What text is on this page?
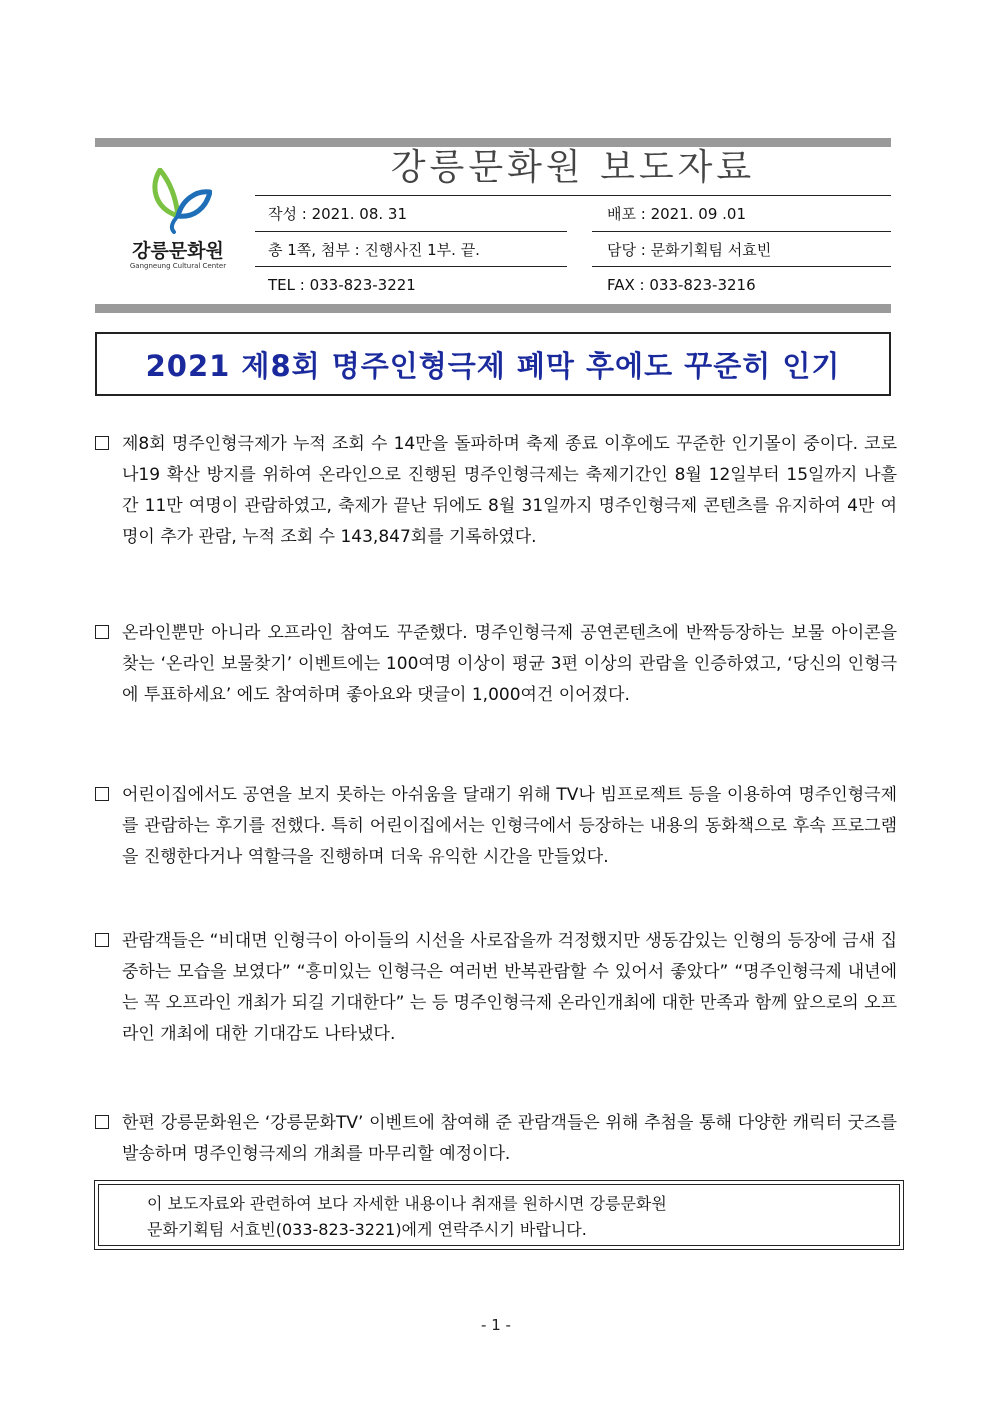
강릉문화원
Gangneung Cultural Center
강릉문화원 보도자료
작성 : 2021. 08. 31	배포 : 2021. 09 .01
총 1쪽, 첨부 : 진행사진 1부. 끝.	담당 : 문화기획팀 서효빈
TEL : 033-823-3221	FAX : 033-823-3216
2021 제8회 명주인형극제 폐막 후에도 꾸준히 인기
제8회 명주인형극제가 누적 조회 수 14만을 돌파하며 축제 종료 이후에도 꾸준한 인기몰이 중이다. 코로나19 확산 방지를 위하여 온라인으로 진행된 명주인형극제는 축제기간인 8월 12일부터 15일까지 나흘간 11만 여명이 관람하였고, 축제가 끝난 뒤에도 8월 31일까지 명주인형극제 콘텐츠를 유지하여 4만 여명이 추가 관람, 누적 조회 수 143,847회를 기록하였다.
온라인뿐만 아니라 오프라인 참여도 꾸준했다. 명주인형극제 공연콘텐츠에 반짝등장하는 보물 아이콘을 찾는 ‘온라인 보물찾기’ 이벤트에는 100여명 이상이 평균 3편 이상의 관람을 인증하였고, ‘당신의 인형극에 투표하세요’ 에도 참여하며 좋아요와 댓글이 1,000여건 이어졌다.
어린이집에서도 공연을 보지 못하는 아쉬움을 달래기 위해 TV나 빔프로젝트 등을 이용하여 명주인형극제를 관람하는 후기를 전했다. 특히 어린이집에서는 인형극에서 등장하는 내용의 동화책으로 후속 프로그램을 진행한다거나 역할극을 진행하며 더욱 유익한 시간을 만들었다.
관람객들은 “비대면 인형극이 아이들의 시선을 사로잡을까 걱정했지만 생동감있는 인형의 등장에 금새 집중하는 모습을 보였다” “흥미있는 인형극은 여러번 반복관람할 수 있어서 좋았다” “명주인형극제 내년에는 꼭 오프라인 개최가 되길 기대한다” 는 등 명주인형극제 온라인개최에 대한 만족과 함께 앞으로의 오프라인 개최에 대한 기대감도 나타냈다.
한편 강릉문화원은 ‘강릉문화TV’ 이벤트에 참여해 준 관람객들은 위해 추첨을 통해 다양한 캐릭터 굿즈를 발송하며 명주인형극제의 개최를 마무리할 예정이다.
이 보도자료와 관련하여 보다 자세한 내용이나 취재를 원하시면 강릉문화원
문화기획팀 서효빈(033-823-3221)에게 연락주시기 바랍니다.
- 1 -
